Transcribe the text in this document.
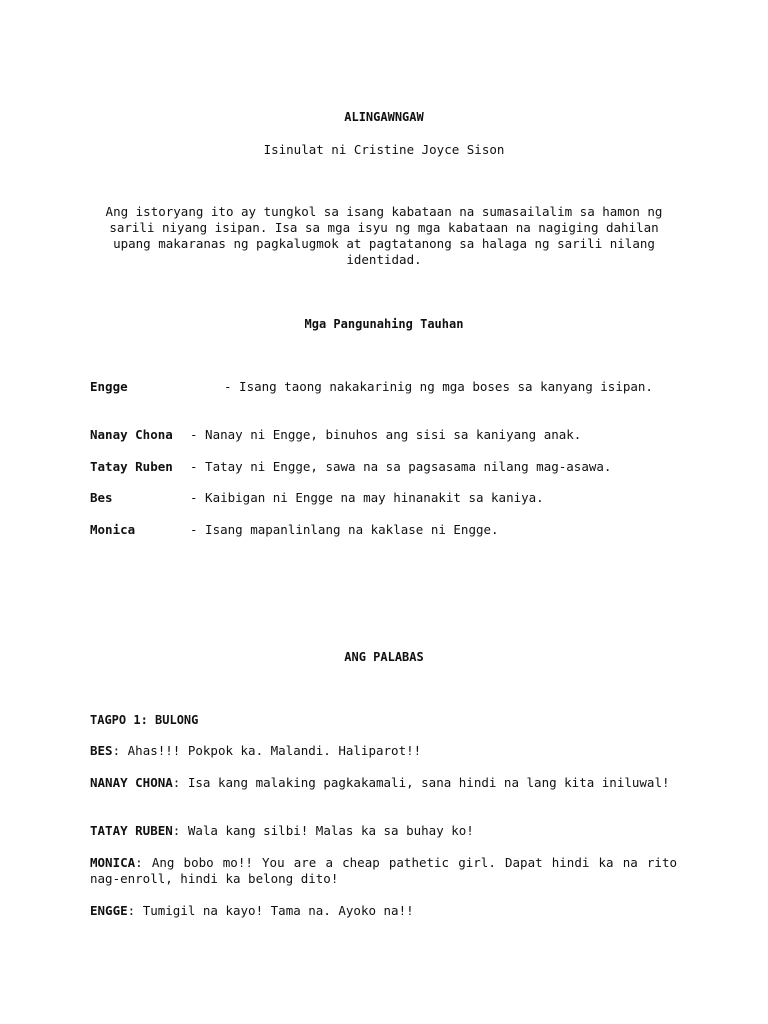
ALINGAWNGAW
Isinulat ni Cristine Joyce Sison
Ang istoryang ito ay tungkol sa isang kabataan na sumasailalim sa hamon ng sarili niyang isipan. Isa sa mga isyu ng mga kabataan na nagiging dahilan upang makaranas ng pagkalugmok at pagtatanong sa halaga ng sarili nilang identidad.
Mga Pangunahing Tauhan
- Isang taong nakakarinig ng mga boses sa kanyang isipan.
Engge
Nanay Chona - Nanay ni Engge, binuhos ang sisi sa kaniyang anak.
Tatay Ruben - Tatay ni Engge, sawa na sa pagsasama nilang mag-asawa.
Bes	- Kaibigan ni Engge na may hinanakit sa kaniya.
Monica	- Isang mapanlinlang na kaklase ni Engge.
ANG PALABAS
TAGPO 1: BULONG
BES: Ahas!!! Pokpok ka. Malandi. Haliparot!!
NANAY CHONA: Isa kang malaking pagkakamali, sana hindi na lang kita iniluwal!
TATAY RUBEN: Wala kang silbi! Malas ka sa buhay ko!
MONICA: Ang bobo mo!! You are a cheap pathetic girl. Dapat hindi ka na rito nag-enroll, hindi ka belong dito!
ENGGE: Tumigil na kayo! Tama na. Ayoko na!!
